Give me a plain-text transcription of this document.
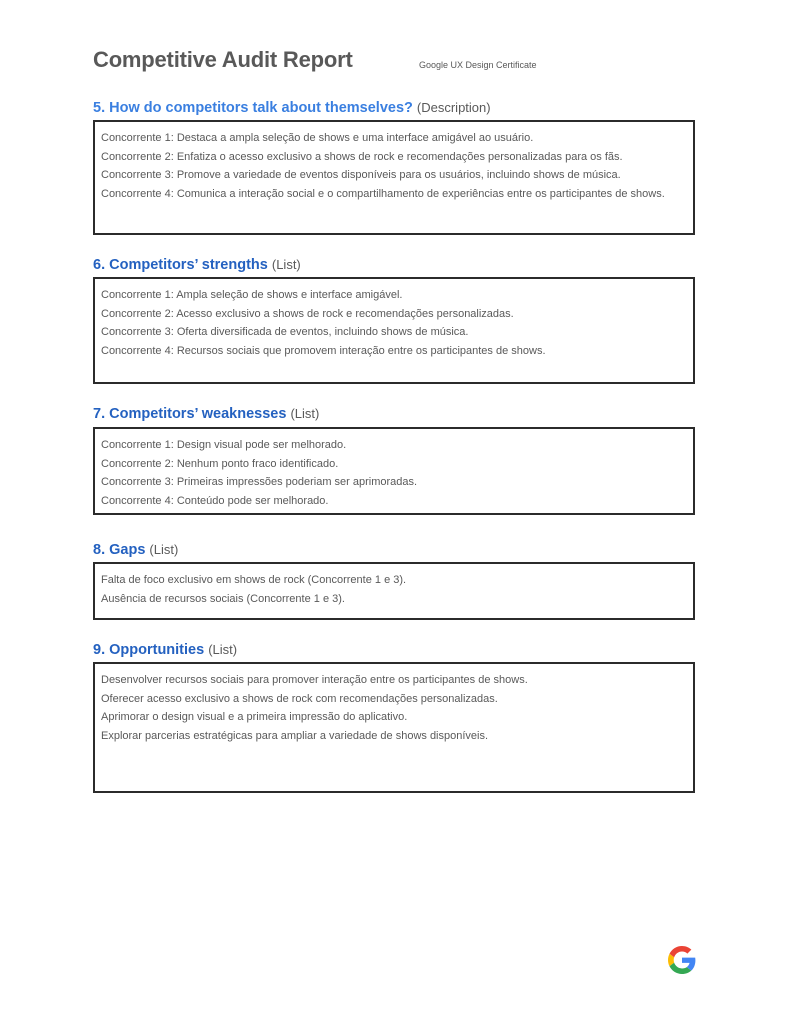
Competitive Audit Report	Google UX Design Certificate
5. How do competitors talk about themselves? (Description)
Concorrente 1: Destaca a ampla seleção de shows e uma interface amigável ao usuário.
Concorrente 2: Enfatiza o acesso exclusivo a shows de rock e recomendações personalizadas para os fãs.
Concorrente 3: Promove a variedade de eventos disponíveis para os usuários, incluindo shows de música.
Concorrente 4: Comunica a interação social e o compartilhamento de experiências entre os participantes de shows.
6. Competitors’ strengths (List)
Concorrente 1: Ampla seleção de shows e interface amigável.
Concorrente 2: Acesso exclusivo a shows de rock e recomendações personalizadas.
Concorrente 3: Oferta diversificada de eventos, incluindo shows de música.
Concorrente 4: Recursos sociais que promovem interação entre os participantes de shows.
7. Competitors’ weaknesses (List)
Concorrente 1: Design visual pode ser melhorado.
Concorrente 2: Nenhum ponto fraco identificado.
Concorrente 3: Primeiras impressões poderiam ser aprimoradas.
Concorrente 4: Conteúdo pode ser melhorado.
8. Gaps (List)
Falta de foco exclusivo em shows de rock (Concorrente 1 e 3).
Ausência de recursos sociais (Concorrente 1 e 3).
9. Opportunities (List)
Desenvolver recursos sociais para promover interação entre os participantes de shows.
Oferecer acesso exclusivo a shows de rock com recomendações personalizadas.
Aprimorar o design visual e a primeira impressão do aplicativo.
Explorar parcerias estratégicas para ampliar a variedade de shows disponíveis.
